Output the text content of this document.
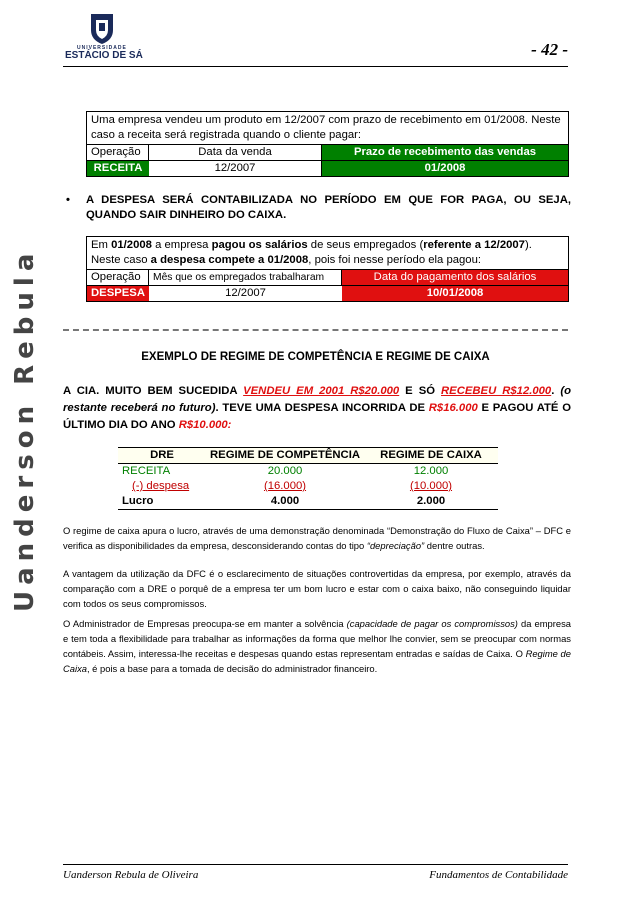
UNIVERSIDADE
ESTÁCIO DE SÁ	- 42 -
Uanderson Rebula
Uma empresa vendeu um produto em 12/2007 com prazo de recebimento em 01/2008. Neste caso a receita será registrada quando o cliente pagar:
Operação	Data da venda	Prazo de recebimento das vendas
RECEITA	12/2007	01/2008
• A DESPESA SERÁ CONTABILIZADA NO PERÍODO EM QUE FOR PAGA, OU SEJA, QUANDO SAIR DINHEIRO DO CAIXA.
Em 01/2008 a empresa pagou os salários de seus empregados (referente a 12/2007). Neste caso a despesa compete a 01/2008, pois foi nesse período ela pagou:
Operação	Mês que os empregados trabalharam	Data do pagamento dos salários
DESPESA	12/2007	10/01/2008
EXEMPLO DE REGIME DE COMPETÊNCIA E REGIME DE CAIXA
A CIA. MUITO BEM SUCEDIDA VENDEU EM 2001 R$20.000 E SÓ RECEBEU R$12.000. (o restante receberá no futuro). TEVE UMA DESPESA INCORRIDA DE R$16.000 E PAGOU ATÉ O ÚLTIMO DIA DO ANO R$10.000:
DRE	REGIME DE COMPETÊNCIA	REGIME DE CAIXA
RECEITA	20.000	12.000
(-) despesa	(16.000)	(10.000)
Lucro	4.000	2.000
O regime de caixa apura o lucro, através de uma demonstração denominada “Demonstração do Fluxo de Caixa” – DFC e verifica as disponibilidades da empresa, desconsiderando contas do tipo “depreciação” dentre outras.
A vantagem da utilização da DFC é o esclarecimento de situações controvertidas da empresa, por exemplo, através da comparação com a DRE o porquê de a empresa ter um bom lucro e estar com o caixa baixo, não conseguindo liquidar com todos os seus compromissos.
O Administrador de Empresas preocupa-se em manter a solvência (capacidade de pagar os compromissos) da empresa e tem toda a flexibilidade para trabalhar as informações da forma que melhor lhe convier, sem se preocupar com normas contábeis. Assim, interessa-lhe receitas e despesas quando estas representam entradas e saídas de Caixa. O Regime de Caixa, é pois a base para a tomada de decisão do administrador financeiro.
Uanderson Rebula de Oliveira	Fundamentos de Contabilidade
